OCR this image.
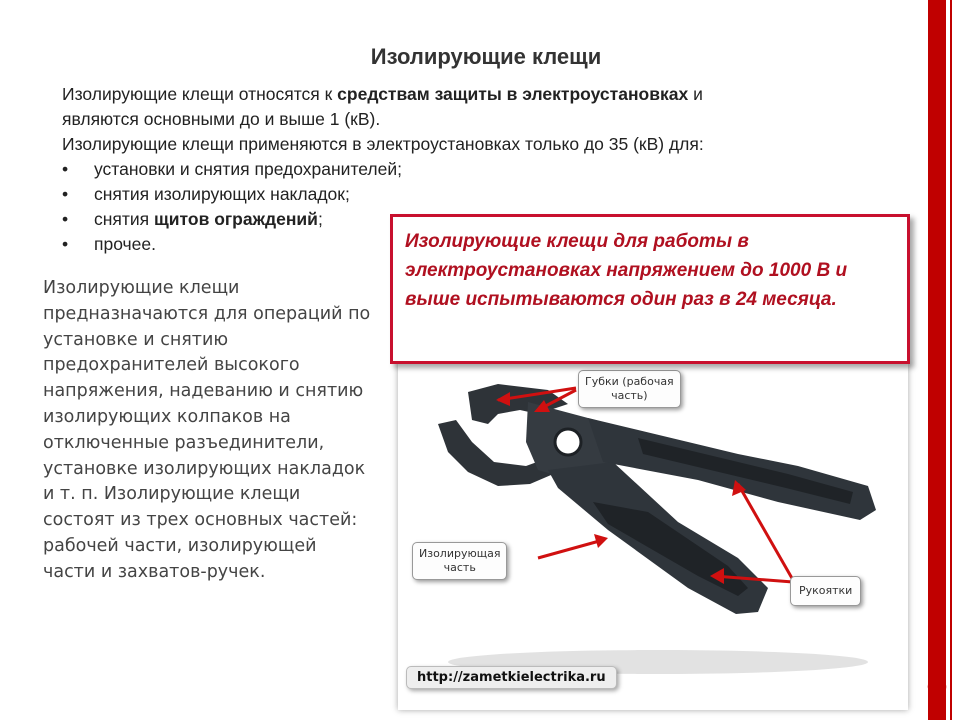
9
Изолирующие клещи

Изолирующие клещи относятся к средствам защиты в электроустановках и

являются основными до и выше 1 (кВ).

Изолирующие клещи применяются в электроустановках только до 35 (кВ) для:

• установки и снятия предохранителей;
• снятия изолирующих накладок;
• снятия щитов ограждений;
• прочее.
Изолирующие клещи предназначаются для операций по установке и снятию предохранителей высокого напряжения, надеванию и снятию изолирующих колпаков на отключенные разъединители, установке изолирующих накладок и т. п. Изолирующие клещи состоят из трех основных частей: рабочей части, изолирующей части и захватов-ручек.
Губки (рабочая
часть)
Изолирующая
часть
Рукоятки
http://zametkielectrika.ru
Изолирующие клещи для работы в электроустановках напряжением до 1000 В и выше испытываются один раз в 24 месяца.
